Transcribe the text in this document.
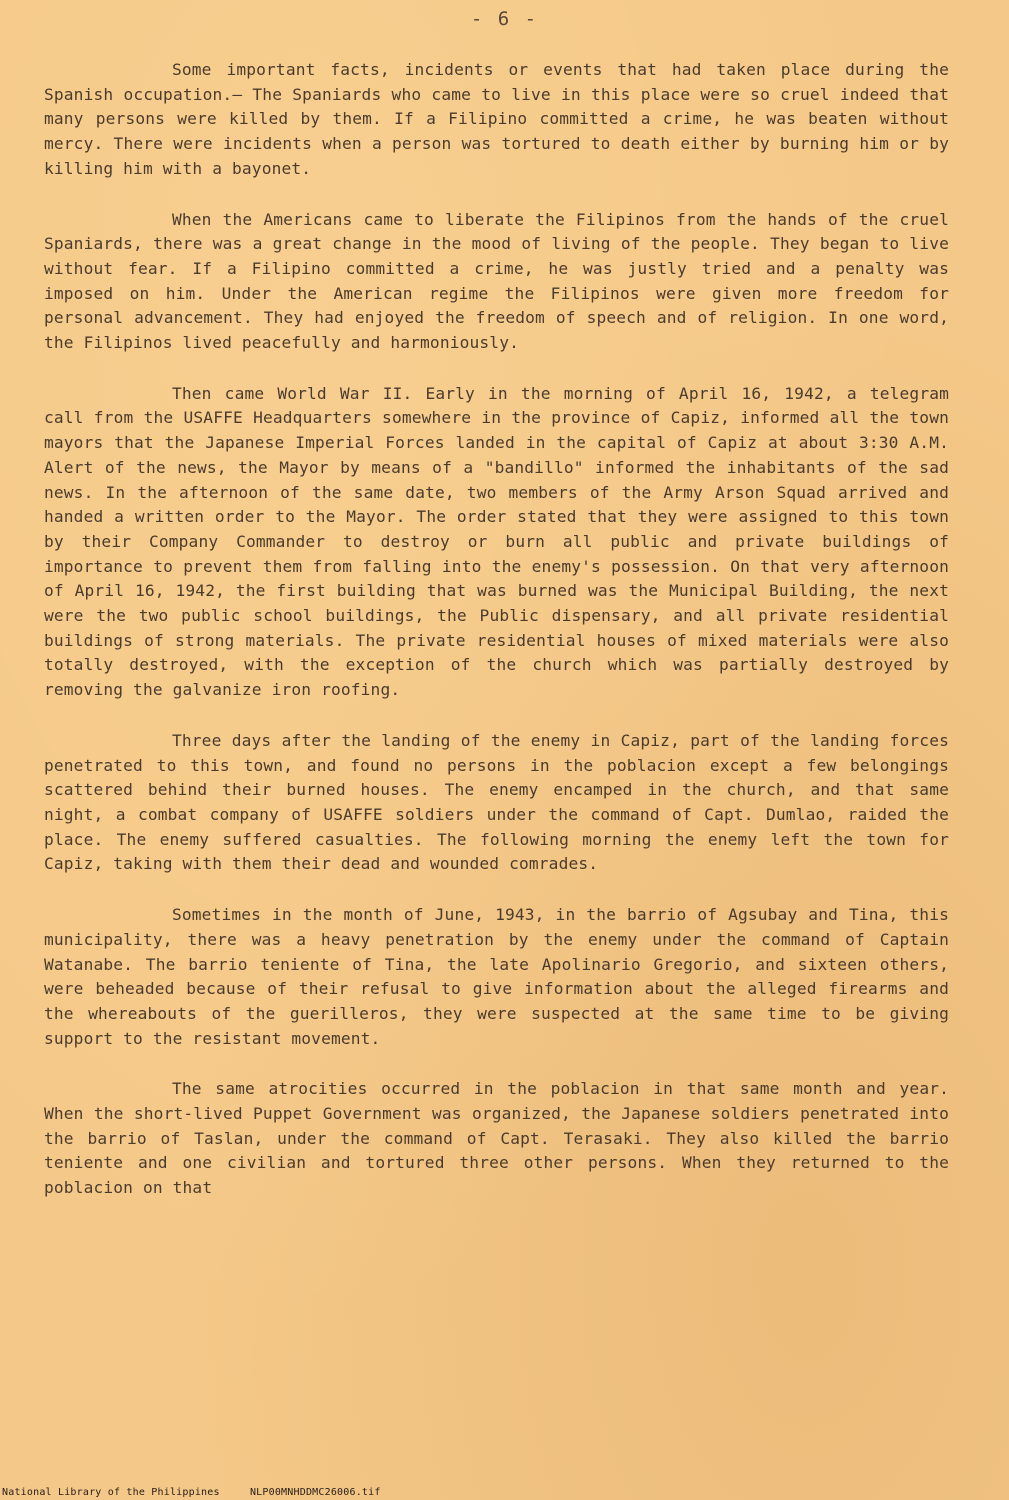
- 6 -

Some important facts, incidents or events that had taken place during the Spanish occupation.— The Spaniards who came to live in this place were so cruel indeed that many persons were killed by them. If a Filipino committed a crime, he was beaten without mercy. There were incidents when a person was tortured to death either by burning him or by killing him with a bayonet.

When the Americans came to liberate the Filipinos from the hands of the cruel Spaniards, there was a great change in the mood of living of the people. They began to live without fear. If a Filipino committed a crime, he was justly tried and a penalty was imposed on him. Under the American regime the Filipinos were given more freedom for personal advancement. They had enjoyed the freedom of speech and of religion. In one word, the Filipinos lived peacefully and harmoniously.

Then came World War II. Early in the morning of April 16, 1942, a telegram call from the USAFFE Headquarters somewhere in the province of Capiz, informed all the town mayors that the Japanese Imperial Forces landed in the capital of Capiz at about 3:30 A.M. Alert of the news, the Mayor by means of a "bandillo" informed the inhabitants of the sad news. In the afternoon of the same date, two members of the Army Arson Squad arrived and handed a written order to the Mayor. The order stated that they were assigned to this town by their Company Commander to destroy or burn all public and private buildings of importance to prevent them from falling into the enemy's possession. On that very afternoon of April 16, 1942, the first building that was burned was the Municipal Building, the next were the two public school buildings, the Public dispensary, and all private residential buildings of strong materials. The private residential houses of mixed materials were also totally destroyed, with the exception of the church which was partially destroyed by removing the galvanize iron roofing.

Three days after the landing of the enemy in Capiz, part of the landing forces penetrated to this town, and found no persons in the poblacion except a few belongings scattered behind their burned houses. The enemy encamped in the church, and that same night, a combat company of USAFFE soldiers under the command of Capt. Dumlao, raided the place. The enemy suffered casualties. The following morning the enemy left the town for Capiz, taking with them their dead and wounded comrades.

Sometimes in the month of June, 1943, in the barrio of Agsubay and Tina, this municipality, there was a heavy penetration by the enemy under the command of Captain Watanabe. The barrio teniente of Tina, the late Apolinario Gregorio, and sixteen others, were beheaded because of their refusal to give information about the alleged firearms and the whereabouts of the guerilleros, they were suspected at the same time to be giving support to the resistant movement.

The same atrocities occurred in the poblacion in that same month and year. When the short-lived Puppet Government was organized, the Japanese soldiers penetrated into the barrio of Taslan, under the command of Capt. Terasaki. They also killed the barrio teniente and one civilian and tortured three other persons. When they returned to the poblacion on that

National Library of the Philippines	NLP00MNHDDMC26006.tif
